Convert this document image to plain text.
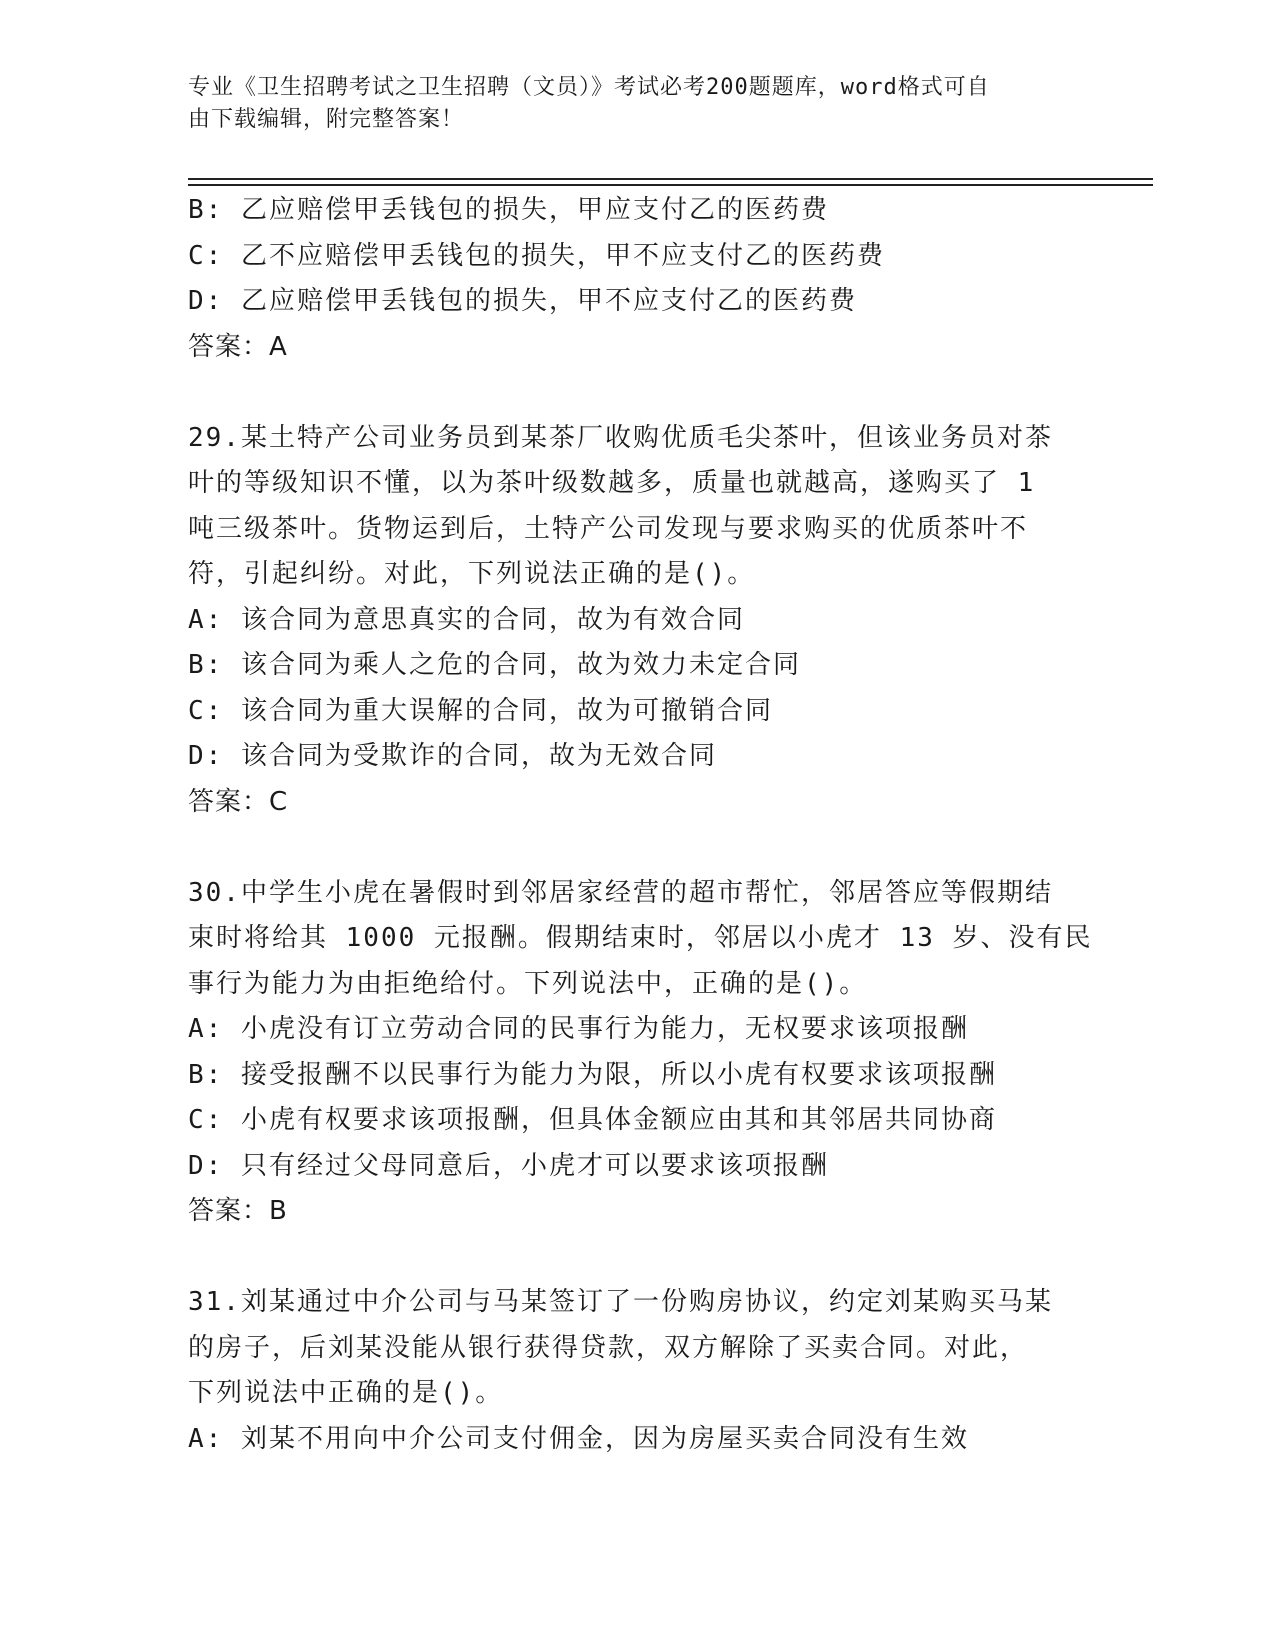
专业《卫生招聘考试之卫生招聘（文员）》考试必考200题题库，word格式可自
由下载编辑，附完整答案！
B: 乙应赔偿甲丢钱包的损失，甲应支付乙的医药费
C: 乙不应赔偿甲丢钱包的损失，甲不应支付乙的医药费
D: 乙应赔偿甲丢钱包的损失，甲不应支付乙的医药费
答案：A
29.某土特产公司业务员到某茶厂收购优质毛尖茶叶，但该业务员对茶
叶的等级知识不懂，以为茶叶级数越多，质量也就越高，遂购买了 1
吨三级茶叶。货物运到后，土特产公司发现与要求购买的优质茶叶不
符，引起纠纷。对此，下列说法正确的是()。
A: 该合同为意思真实的合同，故为有效合同
B: 该合同为乘人之危的合同，故为效力未定合同
C: 该合同为重大误解的合同，故为可撤销合同
D: 该合同为受欺诈的合同，故为无效合同
答案：C
30.中学生小虎在暑假时到邻居家经营的超市帮忙，邻居答应等假期结
束时将给其 1000 元报酬。假期结束时，邻居以小虎才 13 岁、没有民
事行为能力为由拒绝给付。下列说法中，正确的是()。
A: 小虎没有订立劳动合同的民事行为能力，无权要求该项报酬
B: 接受报酬不以民事行为能力为限，所以小虎有权要求该项报酬
C: 小虎有权要求该项报酬，但具体金额应由其和其邻居共同协商
D: 只有经过父母同意后，小虎才可以要求该项报酬
答案：B
31.刘某通过中介公司与马某签订了一份购房协议，约定刘某购买马某
的房子，后刘某没能从银行获得贷款，双方解除了买卖合同。对此，
下列说法中正确的是()。
A: 刘某不用向中介公司支付佣金，因为房屋买卖合同没有生效
